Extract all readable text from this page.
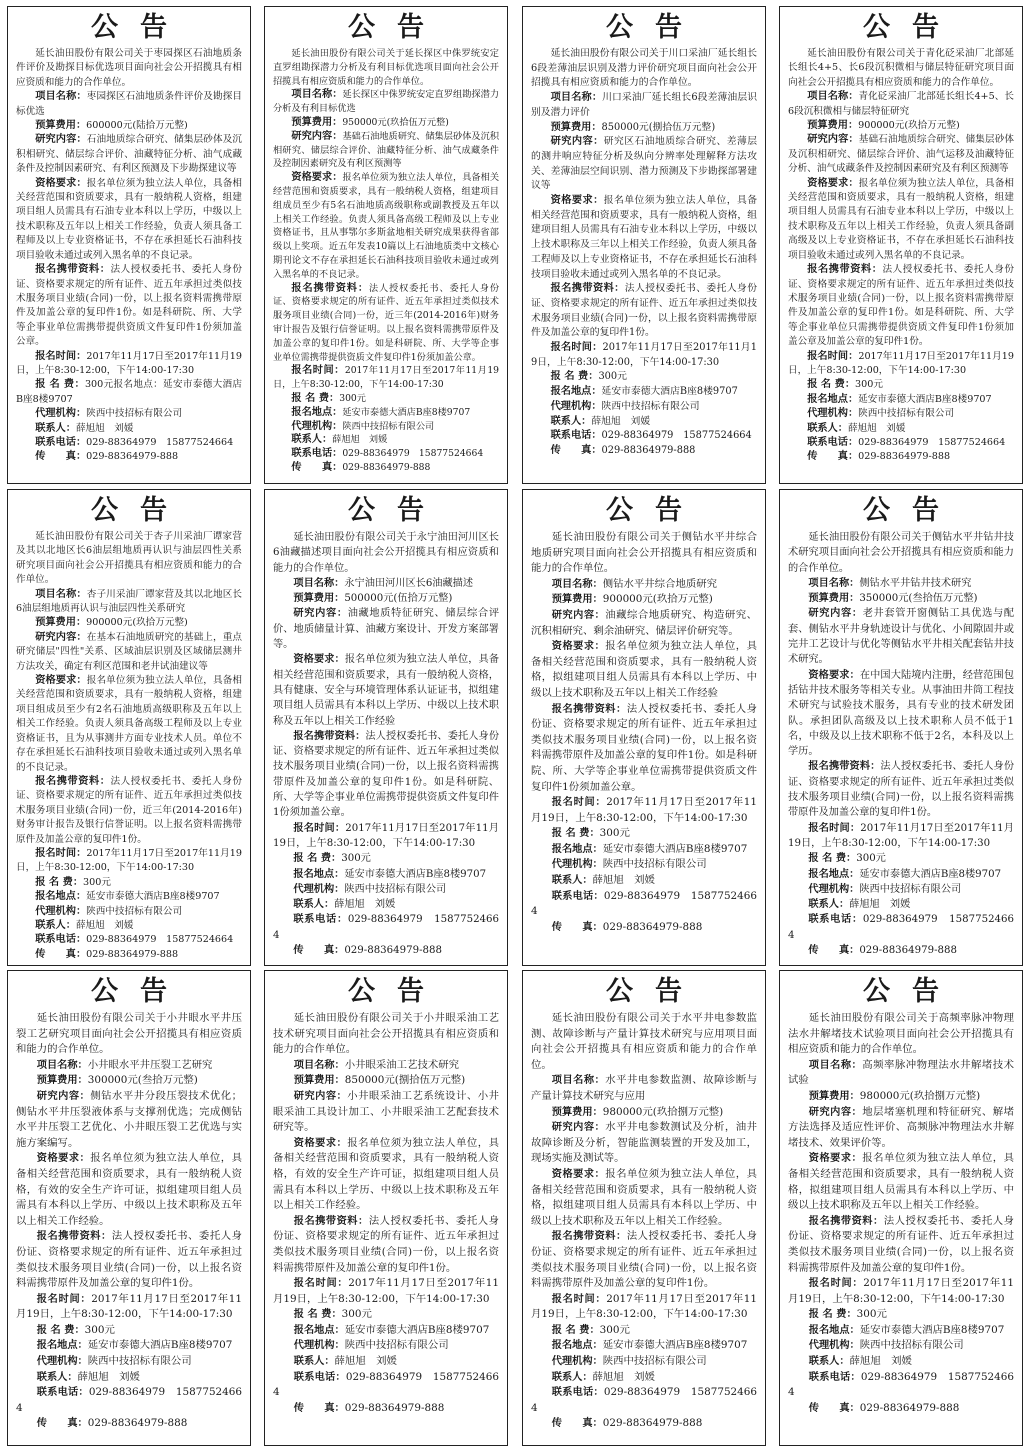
公告

延长油田股份有限公司关于枣园探区石油地质条件评价及勘探目标优选项目面向社会公开招揽具有相应资质和能力的合作单位。

项目名称：枣园探区石油地质条件评价及勘探目标优选

预算费用：600000元(陆拾万元整)

研究内容：石油地质综合研究、储集层砂体及沉积相研究、储层综合评价、油藏特征分析、油气成藏条件及控制因素研究、有利区预测及下步勘探建议等

资格要求：报名单位须为独立法人单位，具备相关经营范围和资质要求，具有一般纳税人资格，组建项目组人员需具有石油专业本科以上学历，中级以上技术职称及五年以上相关工作经验，负责人须具备工程师及以上专业资格证书，不存在承担延长石油科技项目验收未通过或列入黑名单的不良记录。

报名携带资料：法人授权委托书、委托人身份证、资格要求规定的所有证件、近五年承担过类似技术服务项目业绩(合同)一份，以上报名资料需携带原件及加盖公章的复印件1份。如是科研院、所、大学等企事业单位需携带提供资质文件复印件1份须加盖公章。

报名时间：2017年11月17日至2017年11月19日，上午8:30-12:00，下午14:00-17:30

报 名 费：300元报名地点：延安市泰德大酒店B座8楼9707

代理机构：陕西中技招标有限公司

联系人：薛旭旭　刘媛

联系电话：029-88364979　15877524664

传　　真：029-88364979-888

公告

延长油田股份有限公司关于延长探区中侏罗统安定直罗组勘探潜力分析及有利目标优选项目面向社会公开招揽具有相应资质和能力的合作单位。

项目名称：延长探区中侏罗统安定直罗组勘探潜力分析及有利目标优选

预算费用：950000元(玖拾伍万元整)

研究内容：基础石油地质研究、储集层砂体及沉积相研究、储层综合评价、油藏特征分析、油气成藏条件及控制因素研究及有利区预测等

资格要求：报名单位须为独立法人单位，具备相关经营范围和资质要求，具有一般纳税人资格，组建项目组成员至少有5名石油地质高级职称或副教授及五年以上相关工作经验。负责人须具备高级工程师及以上专业资格证书，且从事鄂尔多斯盆地相关研究成果获得省部级以上奖项。近五年发表10篇以上石油地质类中文核心期刊论文不存在承担延长石油科技项目验收未通过或列入黑名单的不良记录。

报名携带资料：法人授权委托书、委托人身份证、资格要求规定的所有证件、近五年承担过类似技术服务项目业绩(合同)一份，近三年(2014-2016年)财务审计报告及银行信誉证明。以上报名资料需携带原件及加盖公章的复印件1份。如是科研院、所、大学等企事业单位需携带提供资质文件复印件1份须加盖公章。

报名时间：2017年11月17日至2017年11月19日，上午8:30-12:00，下午14:00-17:30

报 名 费：300元

报名地点：延安市泰德大酒店B座8楼9707

代理机构：陕西中技招标有限公司

联系人：薛旭旭　刘媛

联系电话：029-88364979　15877524664

传　　真：029-88364979-888

公告

延长油田股份有限公司关于川口采油厂延长组长6段差薄油层识别及潜力评价研究项目面向社会公开招揽具有相应资质和能力的合作单位。

项目名称：川口采油厂延长组长6段差薄油层识别及潜力评价

预算费用：850000元(捌拾伍万元整)

研究内容：研究区石油地质综合研究、差薄层的测井响应特征分析及纵向分辨率处理解释方法攻关、差薄油层空间识别、潜力预测及下步勘探部署建议等

资格要求：报名单位须为独立法人单位，具备相关经营范围和资质要求，具有一般纳税人资格，组建项目组人员需具有石油专业本科以上学历，中级以上技术职称及三年以上相关工作经验，负责人须具备工程师及以上专业资格证书，不存在承担延长石油科技项目验收未通过或列入黑名单的不良记录。

报名携带资料：法人授权委托书、委托人身份证、资格要求规定的所有证件、近五年承担过类似技术服务项目业绩(合同)一份，以上报名资料需携带原件及加盖公章的复印件1份。

报名时间：2017年11月17日至2017年11月19日，上午8:30-12:00，下午14:00-17:30

报 名 费：300元

报名地点：延安市泰德大酒店B座8楼9707

代理机构：陕西中技招标有限公司

联系人：薛旭旭　刘媛

联系电话：029-88364979　15877524664

传　　真：029-88364979-888

公告

延长油田股份有限公司关于青化砭采油厂北部延长组长4+5、长6段沉积微相与储层特征研究项目面向社会公开招揽具有相应资质和能力的合作单位。

项目名称：青化砭采油厂北部延长组长4+5、长6段沉积微相与储层特征研究

预算费用：900000元(玖拾万元整)

研究内容：基础石油地质综合研究、储集层砂体及沉积相研究、储层综合评价、油气运移及油藏特征分析、油气成藏条件及控制因素研究及有利区预测等

资格要求：报名单位须为独立法人单位，具备相关经营范围和资质要求，具有一般纳税人资格，组建项目组人员需具有石油专业本科以上学历，中级以上技术职称及五年以上相关工作经验，负责人须具备副高级及以上专业资格证书，不存在承担延长石油科技项目验收未通过或列入黑名单的不良记录。

报名携带资料：法人授权委托书、委托人身份证、资格要求规定的所有证件、近五年承担过类似技术服务项目业绩(合同)一份，以上报名资料需携带原件及加盖公章的复印件1份。如是科研院、所、大学等企事业单位只需携带提供资质文件复印件1份须加盖公章及加盖公章的复印件1份。

报名时间：2017年11月17日至2017年11月19日，上午8:30-12:00，下午14:00-17:30

报 名 费：300元

报名地点：延安市泰德大酒店B座8楼9707

代理机构：陕西中技招标有限公司

联系人：薛旭旭　刘媛

联系电话：029-88364979　15877524664

传　　真：029-88364979-888

公告

延长油田股份有限公司关于杏子川采油厂谭家营及其以北地区长6油层组地质再认识与油层四性关系研究项目面向社会公开招揽具有相应资质和能力的合作单位。

项目名称：杏子川采油厂谭家营及其以北地区长6油层组地质再认识与油层四性关系研究

预算费用：900000元(玖拾万元整)

研究内容：在基本石油地质研究的基础上，重点研究储层"四性"关系、区域油层识别及区域储层测井方法攻关，确定有利区范围和老井试油建议等

资格要求：报名单位须为独立法人单位，具备相关经营范围和资质要求，具有一般纳税人资格，组建项目组成员至少有2名石油地质高级职称及五年以上相关工作经验。负责人须具备高级工程师及以上专业资格证书，且为从事测井方面专业技术人员。单位不存在承担延长石油科技项目验收未通过或列入黑名单的不良记录。

报名携带资料：法人授权委托书、委托人身份证、资格要求规定的所有证件、近五年承担过类似技术服务项目业绩(合同)一份，近三年(2014-2016年)财务审计报告及银行信誉证明。以上报名资料需携带原件及加盖公章的复印件1份。

报名时间：2017年11月17日至2017年11月19日，上午8:30-12:00，下午14:00-17:30

报 名 费：300元

报名地点：延安市泰德大酒店B座8楼9707

代理机构：陕西中技招标有限公司

联系人：薛旭旭　刘媛

联系电话：029-88364979　15877524664

传　　真：029-88364979-888

公告

延长油田股份有限公司关于永宁油田河川区长6油藏描述项目面向社会公开招揽具有相应资质和能力的合作单位。

项目名称：永宁油田河川区长6油藏描述

预算费用：500000元(伍拾万元整)

研究内容：油藏地质特征研究、储层综合评价、地质储量计算、油藏方案设计、开发方案部署等。

资格要求：报名单位须为独立法人单位，具备相关经营范围和资质要求，具有一般纳税人资格，具有健康、安全与环境管理体系认证证书，拟组建项目组人员需具有本科以上学历、中级以上技术职称及五年以上相关工作经验

报名携带资料：法人授权委托书、委托人身份证、资格要求规定的所有证件、近五年承担过类似技术服务项目业绩(合同)一份，以上报名资料需携带原件及加盖公章的复印件1份。如是科研院、所、大学等企事业单位需携带提供资质文件复印件1份须加盖公章。

报名时间：2017年11月17日至2017年11月19日，上午8:30-12:00，下午14:00-17:30

报 名 费：300元

报名地点：延安市泰德大酒店B座8楼9707

代理机构：陕西中技招标有限公司

联系人：薛旭旭　刘媛

联系电话：029-88364979　15877524664

传　　真：029-88364979-888

公告

延长油田股份有限公司关于侧钻水平井综合地质研究项目面向社会公开招揽具有相应资质和能力的合作单位。

项目名称：侧钻水平井综合地质研究

预算费用：900000元(玖拾万元整)

研究内容：油藏综合地质研究、构造研究、沉积相研究、剩余油研究、储层评价研究等。

资格要求：报名单位须为独立法人单位，具备相关经营范围和资质要求，具有一般纳税人资格，拟组建项目组人员需具有本科以上学历、中级以上技术职称及五年以上相关工作经验

报名携带资料：法人授权委托书、委托人身份证、资格要求规定的所有证件、近五年承担过类似技术服务项目业绩(合同)一份，以上报名资料需携带原件及加盖公章的复印件1份。如是科研院、所、大学等企事业单位需携带提供资质文件复印件1份须加盖公章。

报名时间：2017年11月17日至2017年11月19日，上午8:30-12:00，下午14:00-17:30

报 名 费：300元

报名地点：延安市泰德大酒店B座8楼9707

代理机构：陕西中技招标有限公司

联系人：薛旭旭　刘媛

联系电话：029-88364979　15877524664

传　　真：029-88364979-888

公告

延长油田股份有限公司关于侧钻水平井钻井技术研究项目面向社会公开招揽具有相应资质和能力的合作单位。

项目名称：侧钻水平井钻井技术研究

预算费用：350000元(叁拾伍万元整)

研究内容：老井套管开窗侧钻工具优选与配套、侧钻水平井身轨迹设计与优化、小间隙固井或完井工艺设计与优化等侧钻水平井相关配套钻井技术研究。

资格要求：在中国大陆境内注册，经营范围包括钻井技术服务等相关专业。从事油田井筒工程技术研究与试验技术服务，具有专业的技术研发团队。承担团队高级及以上技术职称人员不低于1名，中级及以上技术职称不低于2名，本科及以上学历。

报名携带资料：法人授权委托书、委托人身份证、资格要求规定的所有证件、近五年承担过类似技术服务项目业绩(合同)一份，以上报名资料需携带原件及加盖公章的复印件1份。

报名时间：2017年11月17日至2017年11月19日，上午8:30-12:00，下午14:00-17:30

报 名 费：300元

报名地点：延安市泰德大酒店B座8楼9707

代理机构：陕西中技招标有限公司

联系人：薛旭旭　刘媛

联系电话：029-88364979　15877524664

传　　真：029-88364979-888

公告

延长油田股份有限公司关于小井眼水平井压裂工艺研究项目面向社会公开招揽具有相应资质和能力的合作单位。

项目名称：小井眼水平井压裂工艺研究

预算费用：300000元(叁拾万元整)

研究内容：侧钻水平井分段压裂技术优化；侧钻水平井压裂液体系与支撑剂优选；完成侧钻水平井压裂工艺优化、小井眼压裂工艺优选与实施方案编写。

资格要求：报名单位须为独立法人单位，具备相关经营范围和资质要求，具有一般纳税人资格，有效的安全生产许可证，拟组建项目组人员需具有本科以上学历、中级以上技术职称及五年以上相关工作经验。

报名携带资料：法人授权委托书、委托人身份证、资格要求规定的所有证件、近五年承担过类似技术服务项目业绩(合同)一份，以上报名资料需携带原件及加盖公章的复印件1份。

报名时间：2017年11月17日至2017年11月19日，上午8:30-12:00，下午14:00-17:30

报 名 费：300元

报名地点：延安市泰德大酒店B座8楼9707

代理机构：陕西中技招标有限公司

联系人：薛旭旭　刘媛

联系电话：029-88364979　15877524664

传　　真：029-88364979-888

公告

延长油田股份有限公司关于小井眼采油工艺技术研究项目面向社会公开招揽具有相应资质和能力的合作单位。

项目名称：小井眼采油工艺技术研究

预算费用：850000元(捌拾伍万元整)

研究内容：小井眼采油工艺系统设计、小井眼采油工具设计加工、小井眼采油工艺配套技术研究等。

资格要求：报名单位须为独立法人单位，具备相关经营范围和资质要求，具有一般纳税人资格，有效的安全生产许可证，拟组建项目组人员需具有本科以上学历、中级以上技术职称及五年以上相关工作经验。

报名携带资料：法人授权委托书、委托人身份证、资格要求规定的所有证件、近五年承担过类似技术服务项目业绩(合同)一份，以上报名资料需携带原件及加盖公章的复印件1份。

报名时间：2017年11月17日至2017年11月19日，上午8:30-12:00，下午14:00-17:30

报 名 费：300元

报名地点：延安市泰德大酒店B座8楼9707

代理机构：陕西中技招标有限公司

联系人：薛旭旭　刘媛

联系电话：029-88364979　15877524664

传　　真：029-88364979-888

公告

延长油田股份有限公司关于水平井电参数监测、故障诊断与产量计算技术研究与应用项目面向社会公开招揽具有相应资质和能力的合作单位。

项目名称：水平井电参数监测、故障诊断与产量计算技术研究与应用

预算费用：980000元(玖拾捌万元整)

研究内容：水平井电参数测试及分析，油井故障诊断及分析，智能监测装置的开发及加工，现场实施及测试等。

资格要求：报名单位须为独立法人单位，具备相关经营范围和资质要求，具有一般纳税人资格，拟组建项目组人员需具有本科以上学历、中级以上技术职称及五年以上相关工作经验。

报名携带资料：法人授权委托书、委托人身份证、资格要求规定的所有证件、近五年承担过类似技术服务项目业绩(合同)一份，以上报名资料需携带原件及加盖公章的复印件1份。

报名时间：2017年11月17日至2017年11月19日，上午8:30-12:00，下午14:00-17:30

报 名 费：300元

报名地点：延安市泰德大酒店B座8楼9707

代理机构：陕西中技招标有限公司

联系人：薛旭旭　刘媛

联系电话：029-88364979　15877524664

传　　真：029-88364979-888

公告

延长油田股份有限公司关于高频率脉冲物理法水井解堵技术试验项目面向社会公开招揽具有相应资质和能力的合作单位。

项目名称：高频率脉冲物理法水井解堵技术试验

预算费用：980000元(玖拾捌万元整)

研究内容：地层堵塞机理和特征研究、解堵方法选择及适应性评价、高频脉冲物理法水井解堵技术、效果评价等。

资格要求：报名单位须为独立法人单位，具备相关经营范围和资质要求，具有一般纳税人资格，拟组建项目组人员需具有本科以上学历、中级以上技术职称及五年以上相关工作经验。

报名携带资料：法人授权委托书、委托人身份证、资格要求规定的所有证件、近五年承担过类似技术服务项目业绩(合同)一份，以上报名资料需携带原件及加盖公章的复印件1份。

报名时间：2017年11月17日至2017年11月19日，上午8:30-12:00，下午14:00-17:30

报 名 费：300元

报名地点：延安市泰德大酒店B座8楼9707

代理机构：陕西中技招标有限公司

联系人：薛旭旭　刘媛

联系电话：029-88364979　15877524664

传　　真：029-88364979-888
